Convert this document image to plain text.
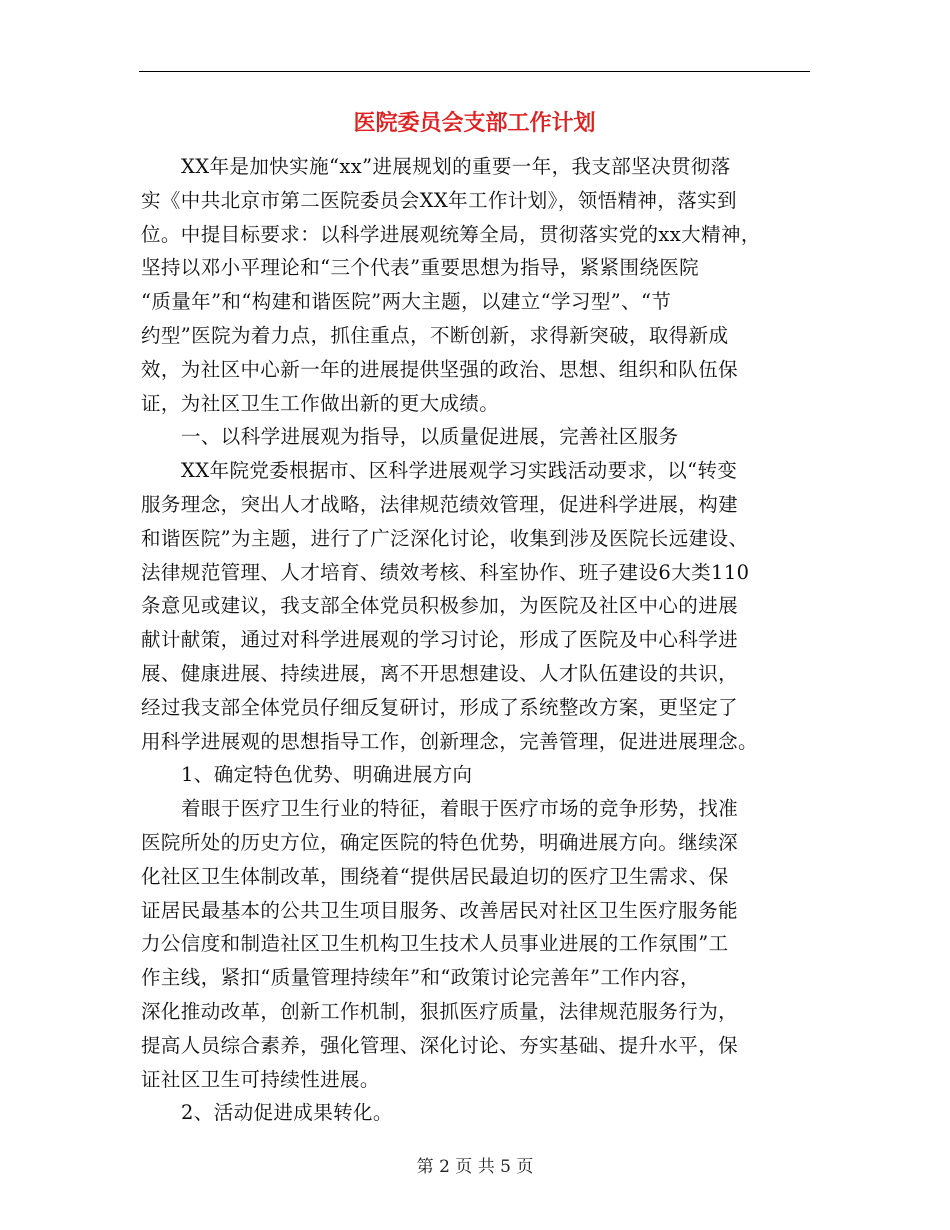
医院委员会支部工作计划
XX年是加快实施“xx”进展规划的重要一年，我支部坚决贯彻落
实《中共北京市第二医院委员会XX年工作计划》，领悟精神，落实到
位。中提目标要求：以科学进展观统筹全局，贯彻落实党的xx大精神，
坚持以邓小平理论和“三个代表”重要思想为指导，紧紧围绕医院
“质量年”和“构建和谐医院”两大主题，以建立“学习型”、“节
约型”医院为着力点，抓住重点，不断创新，求得新突破，取得新成
效，为社区中心新一年的进展提供坚强的政治、思想、组织和队伍保
证，为社区卫生工作做出新的更大成绩。
一、以科学进展观为指导，以质量促进展，完善社区服务
XX年院党委根据市、区科学进展观学习实践活动要求，以“转变
服务理念，突出人才战略，法律规范绩效管理，促进科学进展，构建
和谐医院”为主题，进行了广泛深化讨论，收集到涉及医院长远建设、
法律规范管理、人才培育、绩效考核、科室协作、班子建设6大类110
条意见或建议，我支部全体党员积极参加，为医院及社区中心的进展
献计献策，通过对科学进展观的学习讨论，形成了医院及中心科学进
展、健康进展、持续进展，离不开思想建设、人才队伍建设的共识，
经过我支部全体党员仔细反复研讨，形成了系统整改方案，更坚定了
用科学进展观的思想指导工作，创新理念，完善管理，促进进展理念。
1、确定特色优势、明确进展方向
着眼于医疗卫生行业的特征，着眼于医疗市场的竞争形势，找准
医院所处的历史方位，确定医院的特色优势，明确进展方向。继续深
化社区卫生体制改革，围绕着“提供居民最迫切的医疗卫生需求、保
证居民最基本的公共卫生项目服务、改善居民对社区卫生医疗服务能
力公信度和制造社区卫生机构卫生技术人员事业进展的工作氛围”工
作主线，紧扣“质量管理持续年”和“政策讨论完善年”工作内容，
深化推动改革，创新工作机制，狠抓医疗质量，法律规范服务行为，
提高人员综合素养，强化管理、深化讨论、夯实基础、提升水平，保
证社区卫生可持续性进展。
2、活动促进成果转化。
第 2 页 共 5 页
